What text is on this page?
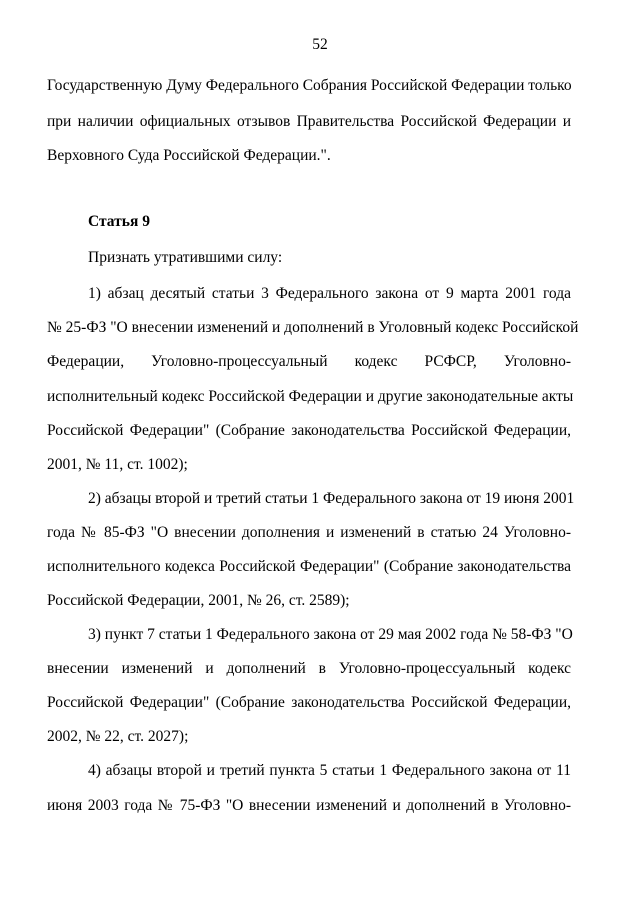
52
Государственную Думу Федерального Собрания Российской Федерации только
при наличии официальных отзывов Правительства Российской Федерации и
Верховного Суда Российской Федерации.".
Статья 9
Признать утратившими силу:
1) абзац десятый статьи 3 Федерального закона от 9 марта 2001 года
№ 25-ФЗ "О внесении изменений и дополнений в Уголовный кодекс Российской
Федерации, Уголовно-процессуальный кодекс РСФСР, Уголовно-
исполнительный кодекс Российской Федерации и другие законодательные акты
Российской Федерации" (Собрание законодательства Российской Федерации,
2001, № 11, ст. 1002);
2) абзацы второй и третий статьи 1 Федерального закона от 19 июня 2001
года № 85-ФЗ "О внесении дополнения и изменений в статью 24 Уголовно-
исполнительного кодекса Российской Федерации" (Собрание законодательства
Российской Федерации, 2001, № 26, ст. 2589);
3) пункт 7 статьи 1 Федерального закона от 29 мая 2002 года № 58-ФЗ "О
внесении изменений и дополнений в Уголовно-процессуальный кодекс
Российской Федерации" (Собрание законодательства Российской Федерации,
2002, № 22, ст. 2027);
4) абзацы второй и третий пункта 5 статьи 1 Федерального закона от 11
июня 2003 года № 75-ФЗ "О внесении изменений и дополнений в Уголовно-
